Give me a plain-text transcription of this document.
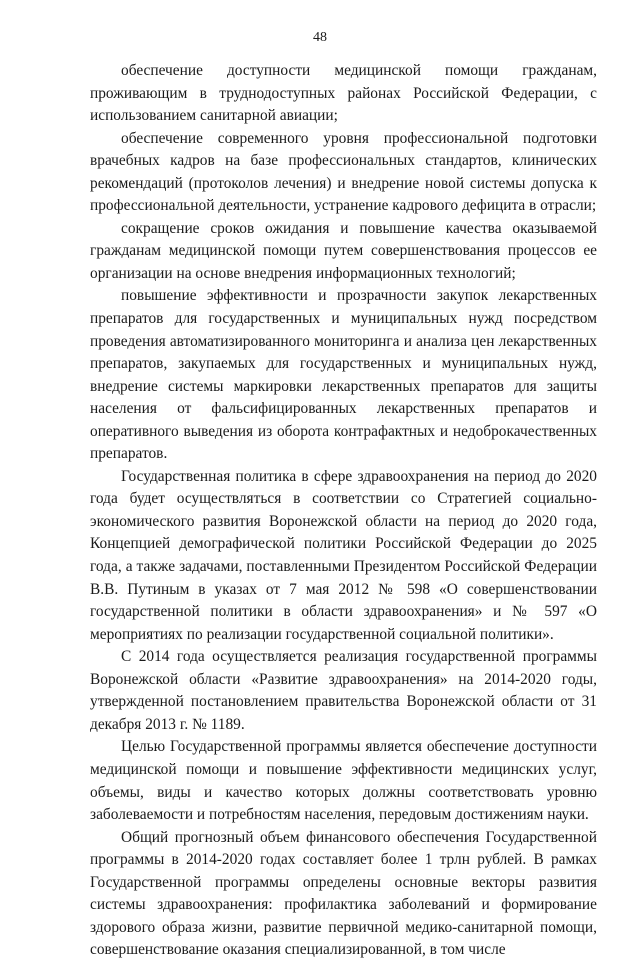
48

обеспечение доступности медицинской помощи гражданам, проживающим в труднодоступных районах Российской Федерации, с использованием санитарной авиации;

обеспечение современного уровня профессиональной подготовки врачебных кадров на базе профессиональных стандартов, клинических рекомендаций (протоколов лечения) и внедрение новой системы допуска к профессиональной деятельности, устранение кадрового дефицита в отрасли;

сокращение сроков ожидания и повышение качества оказываемой гражданам медицинской помощи путем совершенствования процессов ее организации на основе внедрения информационных технологий;

повышение эффективности и прозрачности закупок лекарственных препаратов для государственных и муниципальных нужд посредством проведения автоматизированного мониторинга и анализа цен лекарственных препаратов, закупаемых для государственных и муниципальных нужд, внедрение системы маркировки лекарственных препаратов для защиты населения от фальсифицированных лекарственных препаратов и оперативного выведения из оборота контрафактных и недоброкачественных препаратов.

Государственная политика в сфере здравоохранения на период до 2020 года будет осуществляться в соответствии со Стратегией социально-экономического развития Воронежской области на период до 2020 года, Концепцией демографической политики Российской Федерации до 2025 года, а также задачами, поставленными Президентом Российской Федерации В.В. Путиным в указах от 7 мая 2012 № 598 «О совершенствовании государственной политики в области здравоохранения» и № 597 «О мероприятиях по реализации государственной социальной политики».

С 2014 года осуществляется реализация государственной программы Воронежской области «Развитие здравоохранения» на 2014-2020 годы, утвержденной постановлением правительства Воронежской области от 31 декабря 2013 г. № 1189.

Целью Государственной программы является обеспечение доступности медицинской помощи и повышение эффективности медицинских услуг, объемы, виды и качество которых должны соответствовать уровню заболеваемости и потребностям населения, передовым достижениям науки.

Общий прогнозный объем финансового обеспечения Государственной программы в 2014-2020 годах составляет более 1 трлн рублей. В рамках Государственной программы определены основные векторы развития системы здравоохранения: профилактика заболеваний и формирование здорового образа жизни, развитие первичной медико-санитарной помощи, совершенствование оказания специализированной, в том числе
